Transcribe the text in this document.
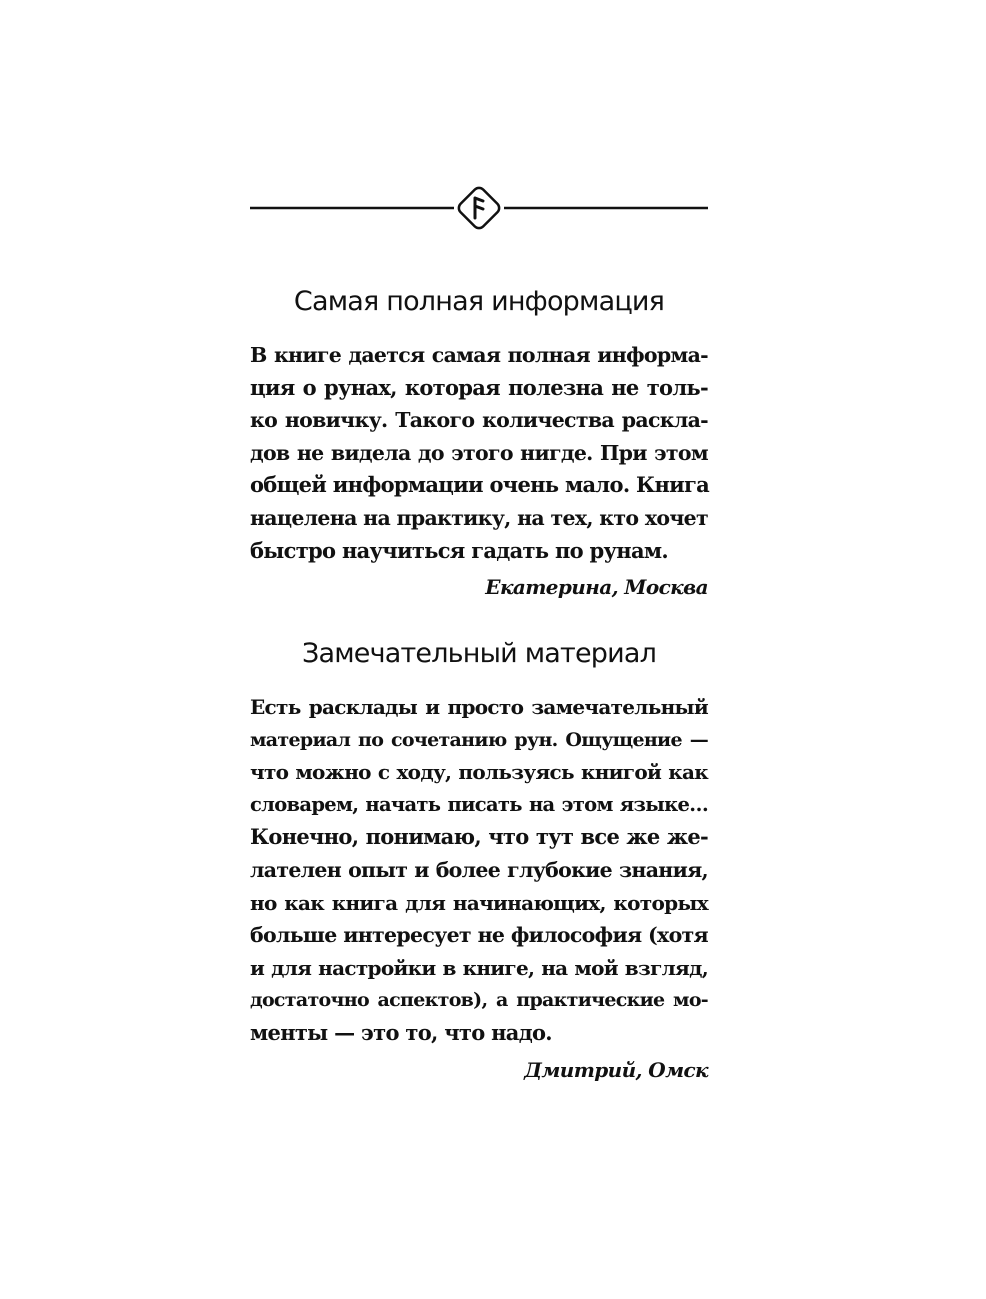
Самая полная информация
В книге дается самая полная информа-
ция о рунах, которая полезна не толь-
ко новичку. Такого количества раскла-
дов не видела до этого нигде. При этом
общей информации очень мало. Книга
нацелена на практику, на тех, кто хочет
быстро научиться гадать по рунам.
Екатерина, Москва
Замечательный материал
Есть расклады и просто замечательный
материал по сочетанию рун. Ощущение —
что можно с ходу, пользуясь книгой как
словарем, начать писать на этом языке…
Конечно, понимаю, что тут все же же-
лателен опыт и более глубокие знания,
но как книга для начинающих, которых
больше интересует не философия (хотя
и для настройки в книге, на мой взгляд,
достаточно аспектов), а практические мо-
менты — это то, что надо.
Дмитрий, Омск
